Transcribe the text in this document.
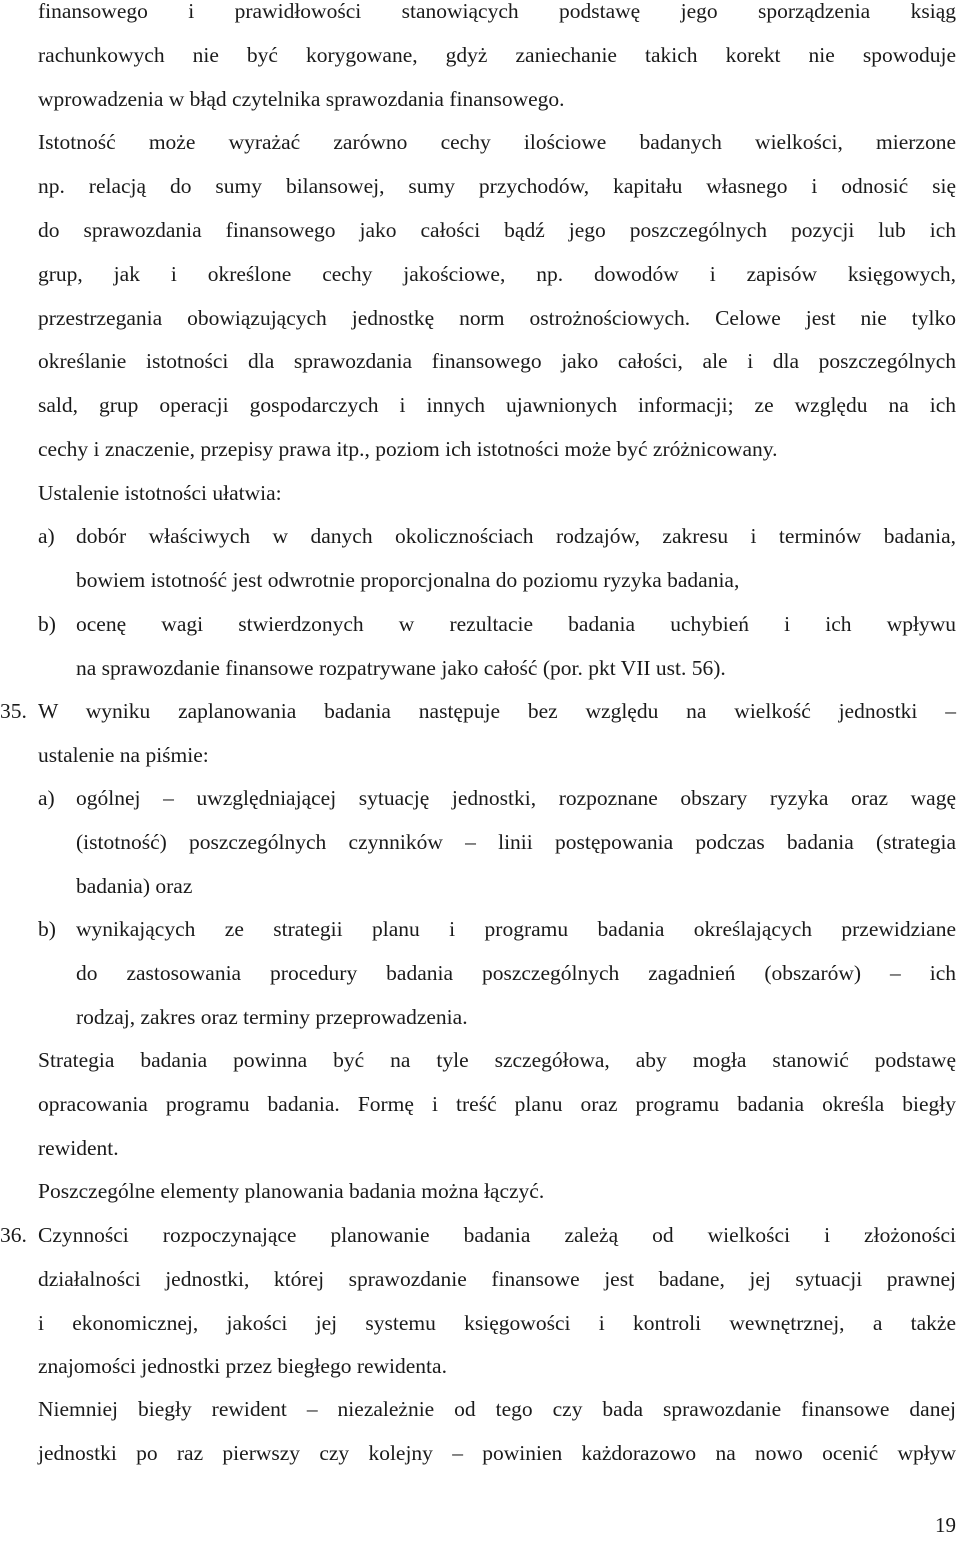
finansowego i prawidłowości stanowiących podstawę jego sporządzenia ksiąg
rachunkowych nie być korygowane, gdyż zaniechanie takich korekt nie spowoduje
wprowadzenia w błąd czytelnika sprawozdania finansowego.
Istotność może wyrażać zarówno cechy ilościowe badanych wielkości, mierzone
np. relacją do sumy bilansowej, sumy przychodów, kapitału własnego i odnosić się
do sprawozdania finansowego jako całości bądź jego poszczególnych pozycji lub ich
grup, jak i określone cechy jakościowe, np. dowodów i zapisów księgowych,
przestrzegania obowiązujących jednostkę norm ostrożnościowych. Celowe jest nie tylko
określanie istotności dla sprawozdania finansowego jako całości, ale i dla poszczególnych
sald, grup operacji gospodarczych i innych ujawnionych informacji; ze względu na ich
cechy i znaczenie, przepisy prawa itp., poziom ich istotności może być zróżnicowany.
Ustalenie istotności ułatwia:
a) dobór właściwych w danych okolicznościach rodzajów, zakresu i terminów badania,
bowiem istotność jest odwrotnie proporcjonalna do poziomu ryzyka badania,
b) ocenę wagi stwierdzonych w rezultacie badania uchybień i ich wpływu
na sprawozdanie finansowe rozpatrywane jako całość (por. pkt VII ust. 56).
35. W wyniku zaplanowania badania następuje bez względu na wielkość jednostki –
ustalenie na piśmie:
a) ogólnej – uwzględniającej sytuację jednostki, rozpoznane obszary ryzyka oraz wagę
(istotność) poszczególnych czynników – linii postępowania podczas badania (strategia
badania) oraz
b) wynikających ze strategii planu i programu badania określających przewidziane
do zastosowania procedury badania poszczególnych zagadnień (obszarów) – ich
rodzaj, zakres oraz terminy przeprowadzenia.
Strategia badania powinna być na tyle szczegółowa, aby mogła stanowić podstawę
opracowania programu badania. Formę i treść planu oraz programu badania określa biegły
rewident.
Poszczególne elementy planowania badania można łączyć.
36. Czynności rozpoczynające planowanie badania zależą od wielkości i złożoności
działalności jednostki, której sprawozdanie finansowe jest badane, jej sytuacji prawnej
i ekonomicznej, jakości jej systemu księgowości i kontroli wewnętrznej, a także
znajomości jednostki przez biegłego rewidenta.
Niemniej biegły rewident – niezależnie od tego czy bada sprawozdanie finansowe danej
jednostki po raz pierwszy czy kolejny – powinien każdorazowo na nowo ocenić wpływ
19
